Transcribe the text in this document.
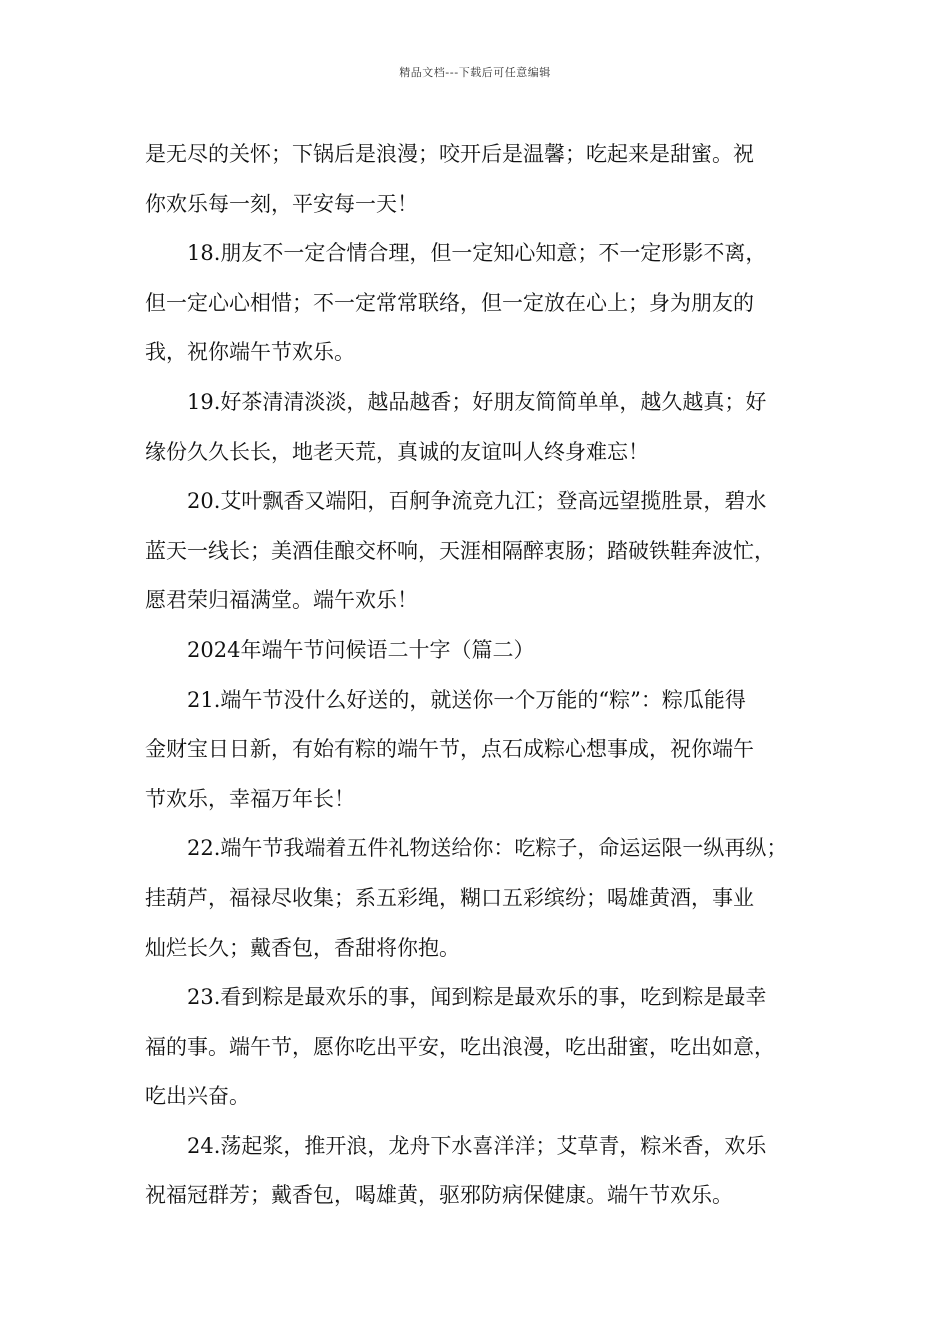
精品文档---下载后可任意编辑
是无尽的关怀；下锅后是浪漫；咬开后是温馨；吃起来是甜蜜。祝
你欢乐每一刻，平安每一天！
18.朋友不一定合情合理，但一定知心知意；不一定形影不离，
但一定心心相惜；不一定常常联络，但一定放在心上；身为朋友的
我，祝你端午节欢乐。
19.好茶清清淡淡，越品越香；好朋友简简单单，越久越真；好
缘份久久长长，地老天荒，真诚的友谊叫人终身难忘！
20.艾叶飘香又端阳，百舸争流竞九江；登高远望揽胜景，碧水
蓝天一线长；美酒佳酿交杯响，天涯相隔醉衷肠；踏破铁鞋奔波忙，
愿君荣归福满堂。端午欢乐！
2024年端午节问候语二十字（篇二）
21.端午节没什么好送的，就送你一个万能的“粽”：粽瓜能得
金财宝日日新，有始有粽的端午节，点石成粽心想事成，祝你端午
节欢乐，幸福万年长！
22.端午节我端着五件礼物送给你：吃粽子，命运运限一纵再纵；
挂葫芦，福禄尽收集；系五彩绳，糊口五彩缤纷；喝雄黄酒，事业
灿烂长久；戴香包，香甜将你抱。
23.看到粽是最欢乐的事，闻到粽是最欢乐的事，吃到粽是最幸
福的事。端午节，愿你吃出平安，吃出浪漫，吃出甜蜜，吃出如意，
吃出兴奋。
24.荡起浆，推开浪，龙舟下水喜洋洋；艾草青，粽米香，欢乐
祝福冠群芳；戴香包，喝雄黄，驱邪防病保健康。端午节欢乐。
